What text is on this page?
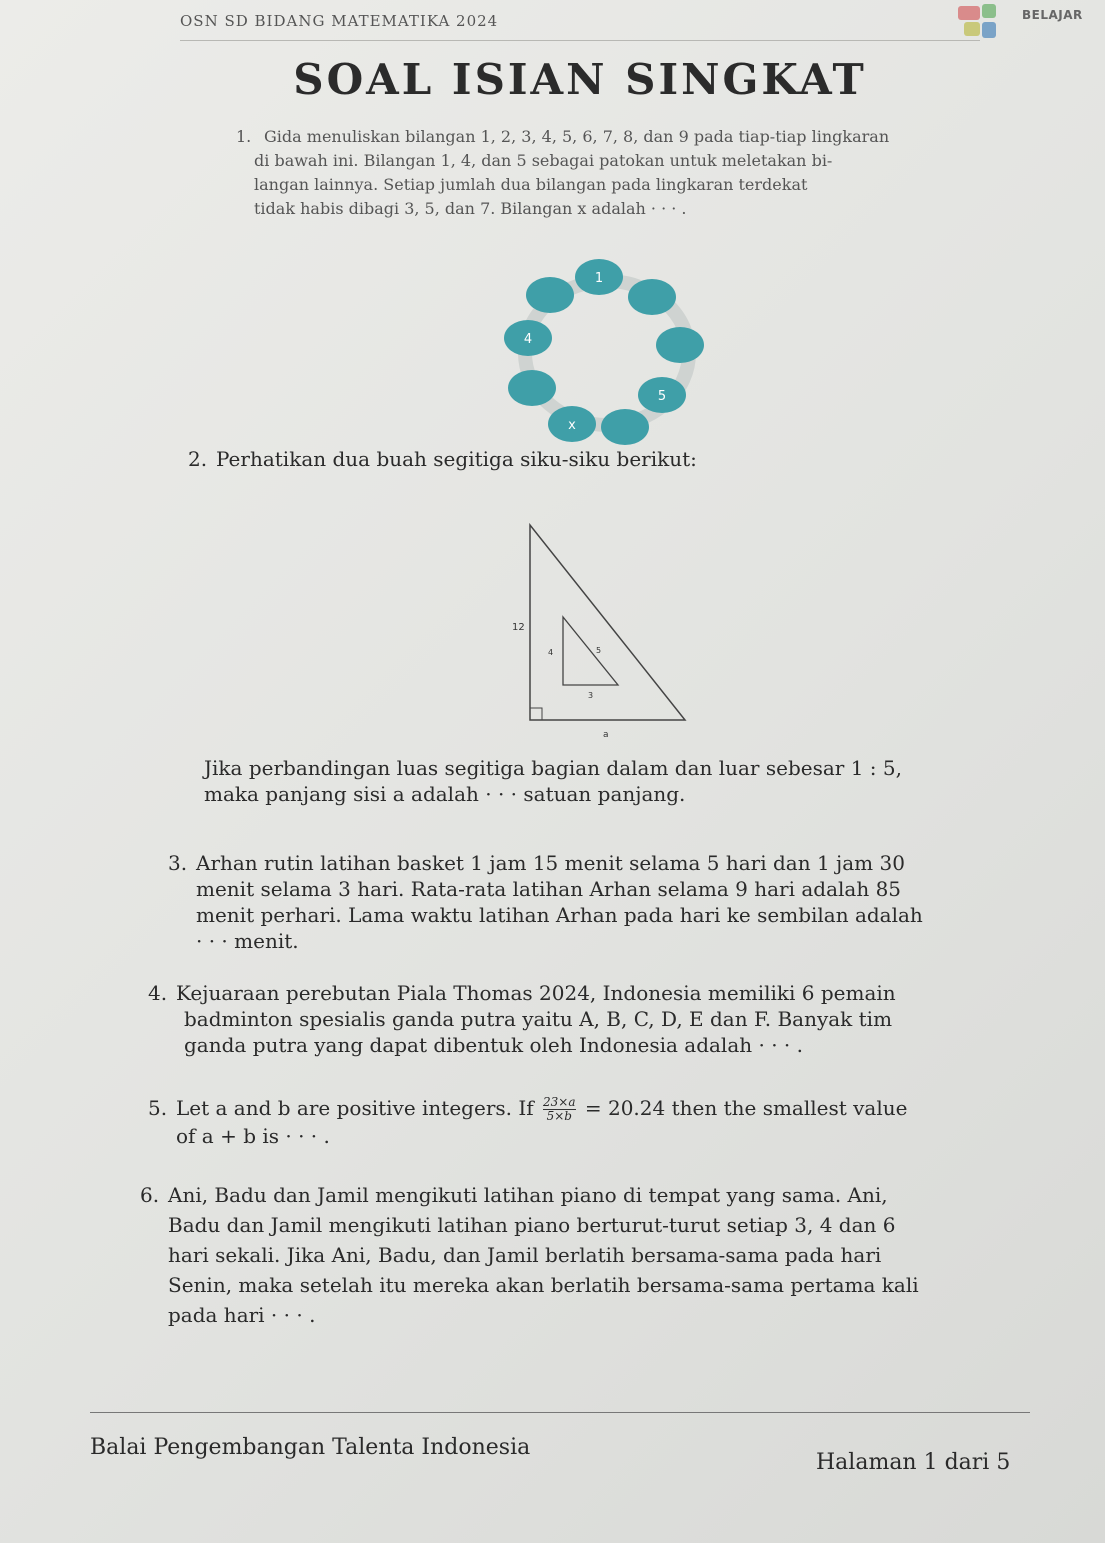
OSN SD BIDANG MATEMATIKA 2024	BELAJAR
SOAL ISIAN SINGKAT
1. Gida menuliskan bilangan 1, 2, 3, 4, 5, 6, 7, 8, dan 9 pada tiap-tiap lingkaran
di bawah ini. Bilangan 1, 4, dan 5 sebagai patokan untuk meletakan bi-
langan lainnya. Setiap jumlah dua bilangan pada lingkaran terdekat
tidak habis dibagi 3, 5, dan 7. Bilangan x adalah · · · .
1
4
5
x
2. Perhatikan dua buah segitiga siku-siku berikut:
12
a
4	5
3
Jika perbandingan luas segitiga bagian dalam dan luar sebesar 1 : 5,
maka panjang sisi a adalah · · · satuan panjang.
3. Arhan rutin latihan basket 1 jam 15 menit selama 5 hari dan 1 jam 30
menit selama 3 hari. Rata-rata latihan Arhan selama 9 hari adalah 85
menit perhari. Lama waktu latihan Arhan pada hari ke sembilan adalah
· · · menit.
4. Kejuaraan perebutan Piala Thomas 2024, Indonesia memiliki 6 pemain
badminton spesialis ganda putra yaitu A, B, C, D, E dan F. Banyak tim
ganda putra yang dapat dibentuk oleh Indonesia adalah · · · .
5. Let a and b are positive integers. If $\frac{23\times a}{5\times b} = 20.24$ then the smallest value
of a + b is · · · .
6. Ani, Badu dan Jamil mengikuti latihan piano di tempat yang sama. Ani,
Badu dan Jamil mengikuti latihan piano berturut-turut setiap 3, 4 dan 6
hari sekali. Jika Ani, Badu, dan Jamil berlatih bersama-sama pada hari
Senin, maka setelah itu mereka akan berlatih bersama-sama pertama kali
pada hari · · · .
Balai Pengembangan Talenta Indonesia
Halaman 1 dari 5
